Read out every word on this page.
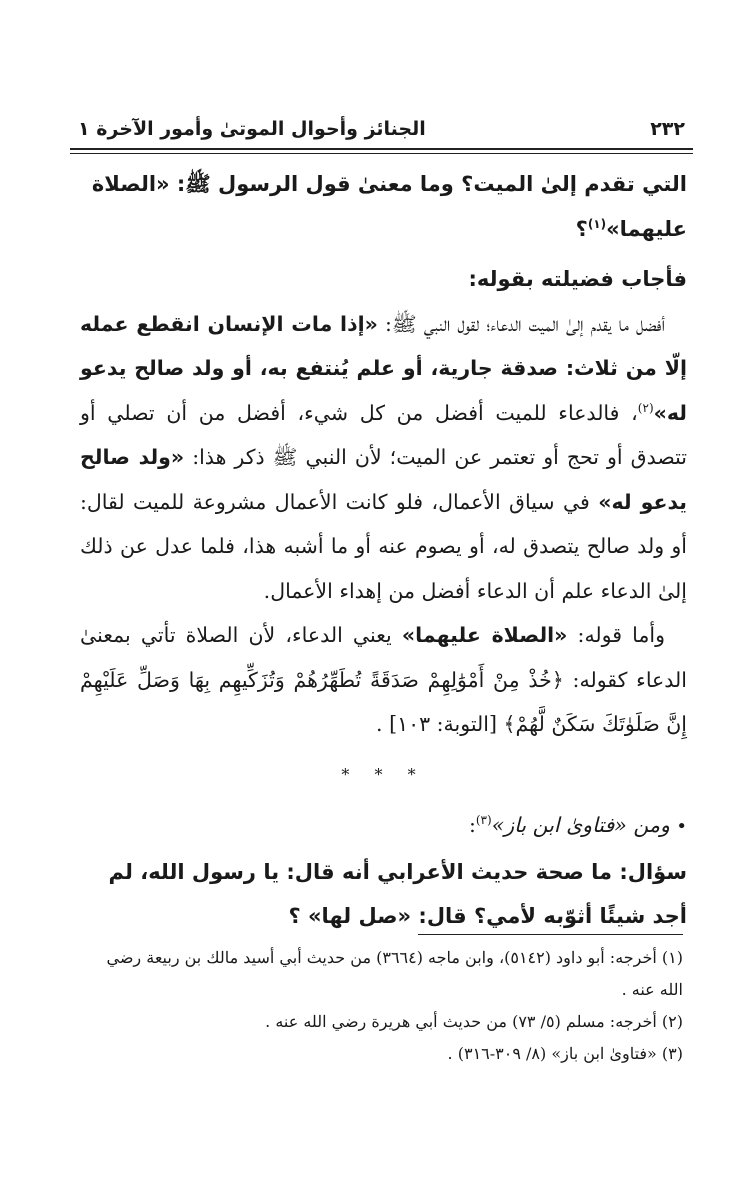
٢٣٢
الجنائز وأحوال الموتىٰ وأمور الآخرة ١

التي تقدم إلىٰ الميت؟ وما معنىٰ قول الرسول ﷺ: «الصلاة
عليهما»$^{(١)}$؟

فأجاب فضيلته بقوله:

أفضل ما يقدم إلىٰ الميت الدعاء؛ لقول النبي ﷺ: «إذا مات الإنسان انقطع عمله إلّا من ثلاث: صدقة جارية، أو علم يُنتفع به، أو ولد صالح يدعو له»$^{(٢)}$، فالدعاء للميت أفضل من كل شيء، أفضل من أن تصلي أو تتصدق أو تحج أو تعتمر عن الميت؛ لأن النبي ﷺ ذكر هذا: «ولد صالح يدعو له» في سياق الأعمال، فلو كانت الأعمال مشروعة للميت لقال: أو ولد صالح يتصدق له، أو يصوم عنه أو ما أشبه هذا، فلما عدل عن ذلك إلىٰ الدعاء علم أن الدعاء أفضل من إهداء الأعمال.

وأما قوله: «الصلاة عليهما» يعني الدعاء، لأن الصلاة تأتي بمعنىٰ الدعاء كقوله: ﴿خُذْ مِنْ أَمْوَٰلِهِمْ صَدَقَةً تُطَهِّرُهُمْ وَتُزَكِّيهِم بِهَا وَصَلِّ عَلَيْهِمْ إِنَّ صَلَوٰتَكَ سَكَنٌ لَّهُمْ﴾ [التوبة: ١٠٣] .

* * *

• ومن «فتاوىٰ ابن باز»$^{(٣)}$:

سؤال: ما صحة حديث الأعرابي أنه قال: يا رسول الله، لم
أجد شيئًا أثوّبه لأمي؟ قال: «صل لها» ؟

(١) أخرجه: أبو داود (٥١٤٢)، وابن ماجه (٣٦٦٤) من حديث أبي أسيد مالك بن ربيعة رضي الله عنه .

(٢) أخرجه: مسلم (٥/ ٧٣) من حديث أبي هريرة رضي الله عنه .

(٣) «فتاوىٰ ابن باز» (٨/ ٣٠٩-٣١٦) .
